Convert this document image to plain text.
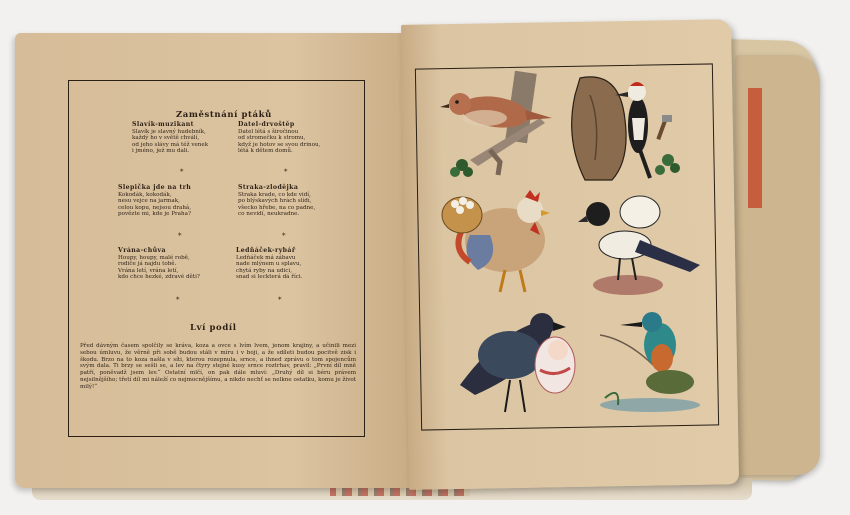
Zaměstnání ptáků
Slavík-muzikant
Slavík je slavný hudebník,
každý ho v světě chválí,
od jeho slávy má též venek
i jméno, jež mu dali.
*
Slepička jde na trh
Kokodák, kokodák,
nesu vejce na jarmak,
celou kopu, nejsou drahá,
povězte mi, kde je Praha?
*
Vrána-chůva
Houpy, houpy, malé robě,
rodiče já najdu tobě.
Vrána letí, vrána letí,
kdo chce hezké, zdravé děti?
*
Datel-drvoštěp
Datel létá s širočinou
od stromečku k stromu,
když je hotov se svou drinou,
létá k dětem domů.
*
Straka-zlodějka
Straka krade, co kde vidí,
po blýskavých hrách slídí,
všecko hřebe, na co padne,
co nevidí, neukradne.
*
Ledňáček-rybář
Ledňáček má zábavu
nade mlýnem u splavu,
chytá ryby na udici,
snad si leckterá dá říci.
*
Lví podíl
Před dávným časem spolčily se kráva, koza a ovce s lvím lvem, jenom krajiny, a učinili mezi sebou úmluvu, že věrně při sobě budou stáli v míru i v boji, a že sdíleti budou pocitvě zisk i škodu. Brzo na to koza našla v síti, kterou rozepnula, srnce, a ihned zprávu o tom spojencům svým dala. Ti brzy se sešli se, a lev na čtyry stejné kusy srnce roztrhav, pravil: „První díl mně patří, poněvadž jsem lev.“ Ostatní mlčí, on pak dále mluví: „Druhý díl si béru právem nejsilnějšího; třetí díl mi náleží co nejmocnějšímu, a nikdo nechť se nelkne ostatku, komu je život milý!“
